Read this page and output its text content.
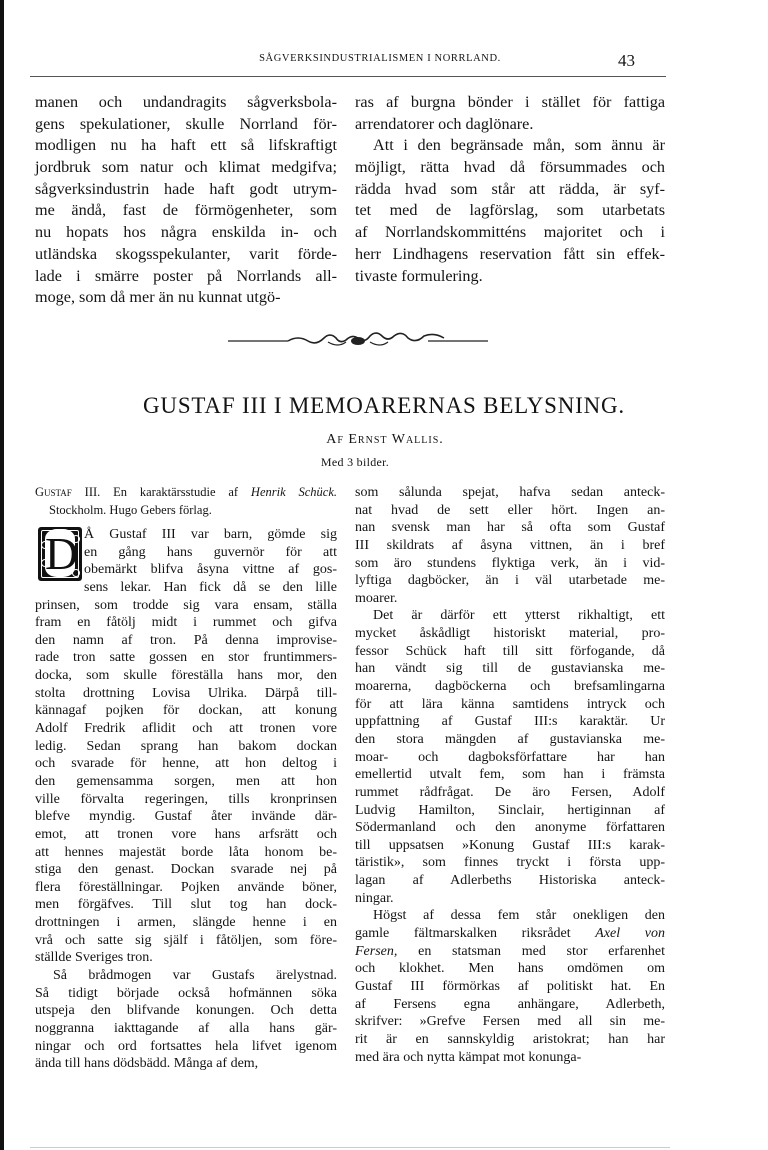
SÅGVERKSINDUSTRIALISMEN I NORRLAND.	43
manen och undandragits sågverksbola-
gens spekulationer, skulle Norrland för-
modligen nu ha haft ett så lifskraftigt
jordbruk som natur och klimat medgifva;
sågverksindustrin hade haft godt utrym-
me ändå, fast de förmögenheter, som
nu hopats hos några enskilda in- och
utländska skogsspekulanter, varit förde-
lade i smärre poster på Norrlands all-
moge, som då mer än nu kunnat utgö-
ras af burgna bönder i stället för fattiga
arrendatorer och daglönare.
Att i den begränsade mån, som ännu är
möjligt, rätta hvad då försummades och
rädda hvad som står att rädda, är syf-
tet med de lagförslag, som utarbetats
af Norrlandskommitténs majoritet och i
herr Lindhagens reservation fått sin effek-
tivaste formulering.
GUSTAF III I MEMOARERNAS BELYSNING.
Af Ernst Wallis.
Med 3 bilder.
Gustaf III. En karaktärsstudie af Henrik Schück.
Stockholm. Hugo Gebers förlag.
D Å Gustaf III var barn, gömde sig
en gång hans guvernör för att
obemärkt blifva åsyna vittne af gos-
sens lekar. Han fick då se den lille
prinsen, som trodde sig vara ensam, ställa
fram en fåtölj midt i rummet och gifva
den namn af tron. På denna improvise-
rade tron satte gossen en stor fruntimmers-
docka, som skulle föreställa hans mor, den
stolta drottning Lovisa Ulrika. Därpå till-
kännagaf pojken för dockan, att konung
Adolf Fredrik aflidit och att tronen vore
ledig. Sedan sprang han bakom dockan
och svarade för henne, att hon deltog i
den gemensamma sorgen, men att hon
ville förvalta regeringen, tills kronprinsen
blefve myndig. Gustaf åter invände där-
emot, att tronen vore hans arfsrätt och
att hennes majestät borde låta honom be-
stiga den genast. Dockan svarade nej på
flera föreställningar. Pojken använde böner,
men förgäfves. Till slut tog han dock-
drottningen i armen, slängde henne i en
vrå och satte sig själf i fåtöljen, som före-
ställde Sveriges tron.
Så brådmogen var Gustafs ärelystnad.
Så tidigt började också hofmännen söka
utspeja den blifvande konungen. Och detta
noggranna iakttagande af alla hans gär-
ningar och ord fortsattes hela lifvet igenom
ända till hans dödsbädd. Många af dem,
som sålunda spejat, hafva sedan anteck-
nat hvad de sett eller hört. Ingen an-
nan svensk man har så ofta som Gustaf
III skildrats af åsyna vittnen, än i bref
som äro stundens flyktiga verk, än i vid-
lyftiga dagböcker, än i väl utarbetade me-
moarer.
Det är därför ett ytterst rikhaltigt, ett
mycket åskådligt historiskt material, pro-
fessor Schück haft till sitt förfogande, då
han vändt sig till de gustavianska me-
moarerna, dagböckerna och brefsamlingarna
för att lära känna samtidens intryck och
uppfattning af Gustaf III:s karaktär. Ur
den stora mängden af gustavianska me-
moar- och dagboksförfattare har han
emellertid utvalt fem, som han i främsta
rummet rådfrågat. De äro Fersen, Adolf
Ludvig Hamilton, Sinclair, hertiginnan af
Södermanland och den anonyme författaren
till uppsatsen »Konung Gustaf III:s karak-
täristik», som finnes tryckt i första upp-
lagan af Adlerbeths Historiska anteck-
ningar.
Högst af dessa fem står onekligen den
gamle fältmarskalken riksrådet Axel von
Fersen, en statsman med stor erfarenhet
och klokhet. Men hans omdömen om
Gustaf III förmörkas af politiskt hat. En
af Fersens egna anhängare, Adlerbeth,
skrifver: »Grefve Fersen med all sin me-
rit är en sannskyldig aristokrat; han har
med ära och nytta kämpat mot konunga-
